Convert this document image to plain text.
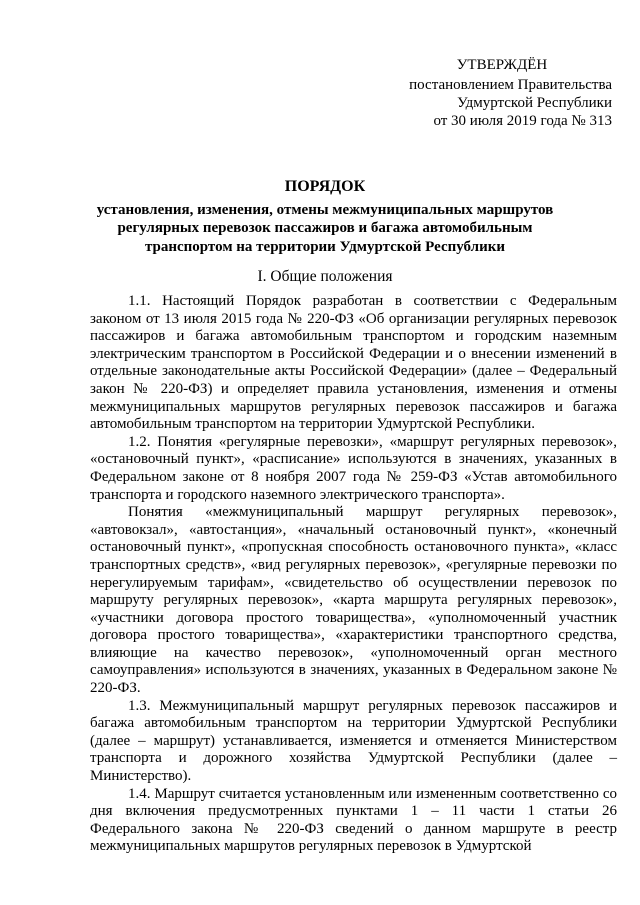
УТВЕРЖДЁН
постановлением Правительства
Удмуртской Республики
от 30 июля 2019 года № 313
ПОРЯДОК
установления, изменения, отмены межмуниципальных маршрутов
регулярных перевозок пассажиров и багажа автомобильным
транспортом на территории Удмуртской Республики
I. Общие положения

1.1. Настоящий Порядок разработан в соответствии с Федеральным законом от 13 июля 2015 года № 220-ФЗ «Об организации регулярных перевозок пассажиров и багажа автомобильным транспортом и городским наземным электрическим транспортом в Российской Федерации и о внесении изменений в отдельные законодательные акты Российской Федерации» (далее – Федеральный закон № 220-ФЗ) и определяет правила установления, изменения и отмены межмуниципальных маршрутов регулярных перевозок пассажиров и багажа автомобильным транспортом на территории Удмуртской Республики.

1.2. Понятия «регулярные перевозки», «маршрут регулярных перевозок», «остановочный пункт», «расписание» используются в значениях, указанных в Федеральном законе от 8 ноября 2007 года № 259-ФЗ «Устав автомобильного транспорта и городского наземного электрического транспорта».

Понятия «межмуниципальный маршрут регулярных перевозок», «автовокзал», «автостанция», «начальный остановочный пункт», «конечный остановочный пункт», «пропускная способность остановочного пункта», «класс транспортных средств», «вид регулярных перевозок», «регулярные перевозки по нерегулируемым тарифам», «свидетельство об осуществлении перевозок по маршруту регулярных перевозок», «карта маршрута регулярных перевозок», «участники договора простого товарищества», «уполномоченный участник договора простого товарищества», «характеристики транспортного средства, влияющие на качество перевозок», «уполномоченный орган местного самоуправления» используются в значениях, указанных в Федеральном законе № 220-ФЗ.

1.3. Межмуниципальный маршрут регулярных перевозок пассажиров и багажа автомобильным транспортом на территории Удмуртской Республики (далее – маршрут) устанавливается, изменяется и отменяется Министерством транспорта и дорожного хозяйства Удмуртской Республики (далее – Министерство).

1.4. Маршрут считается установленным или измененным соответственно со дня включения предусмотренных пунктами 1 – 11 части 1 статьи 26 Федерального закона № 220-ФЗ сведений о данном маршруте в реестр межмуниципальных маршрутов регулярных перевозок в Удмуртской
